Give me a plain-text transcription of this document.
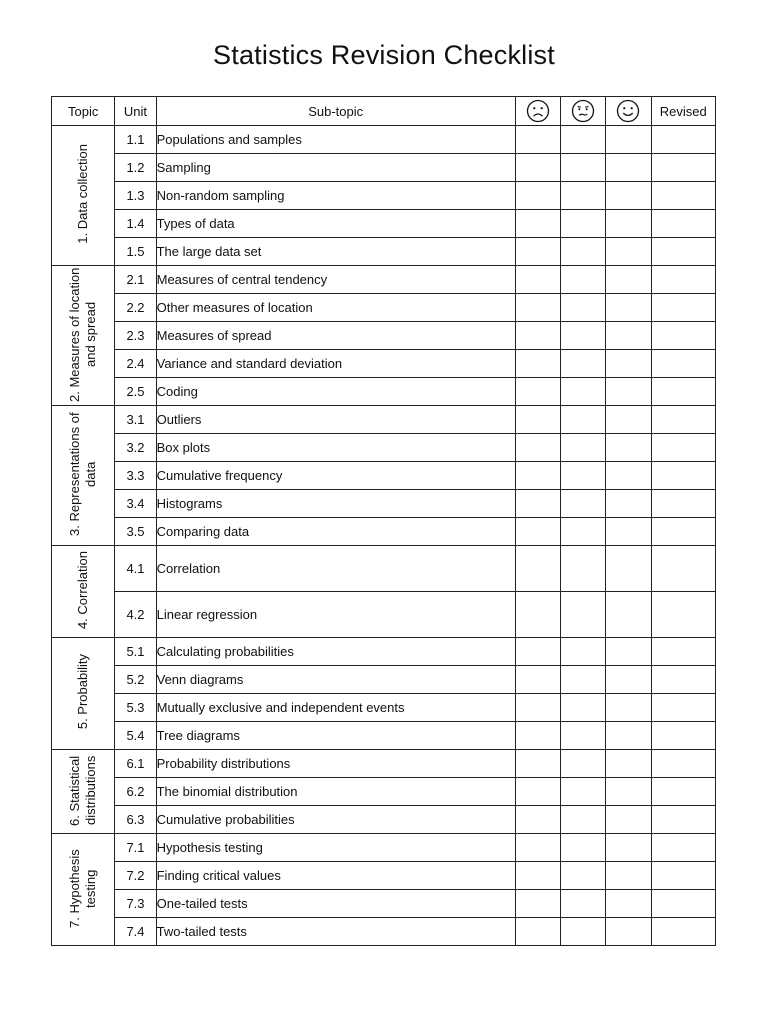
Statistics Revision Checklist
Topic	Unit	Sub-topic				Revised
1. Data collection	1.1	Populations and samples				
	1.2	Sampling				
	1.3	Non-random sampling				
	1.4	Types of data				
	1.5	The large data set				
2. Measures of location and spread	2.1	Measures of central tendency				
	2.2	Other measures of location				
	2.3	Measures of spread				
	2.4	Variance and standard deviation				
	2.5	Coding				
3. Representations of data	3.1	Outliers				
	3.2	Box plots				
	3.3	Cumulative frequency				
	3.4	Histograms				
	3.5	Comparing data				
4. Correlation	4.1	Correlation				
	4.2	Linear regression				
5. Probability	5.1	Calculating probabilities				
	5.2	Venn diagrams				
	5.3	Mutually exclusive and independent events				
	5.4	Tree diagrams				
6. Statistical distributions	6.1	Probability distributions				
	6.2	The binomial distribution				
	6.3	Cumulative probabilities				
7. Hypothesis testing	7.1	Hypothesis testing				
	7.2	Finding critical values				
	7.3	One-tailed tests				
	7.4	Two-tailed tests				
